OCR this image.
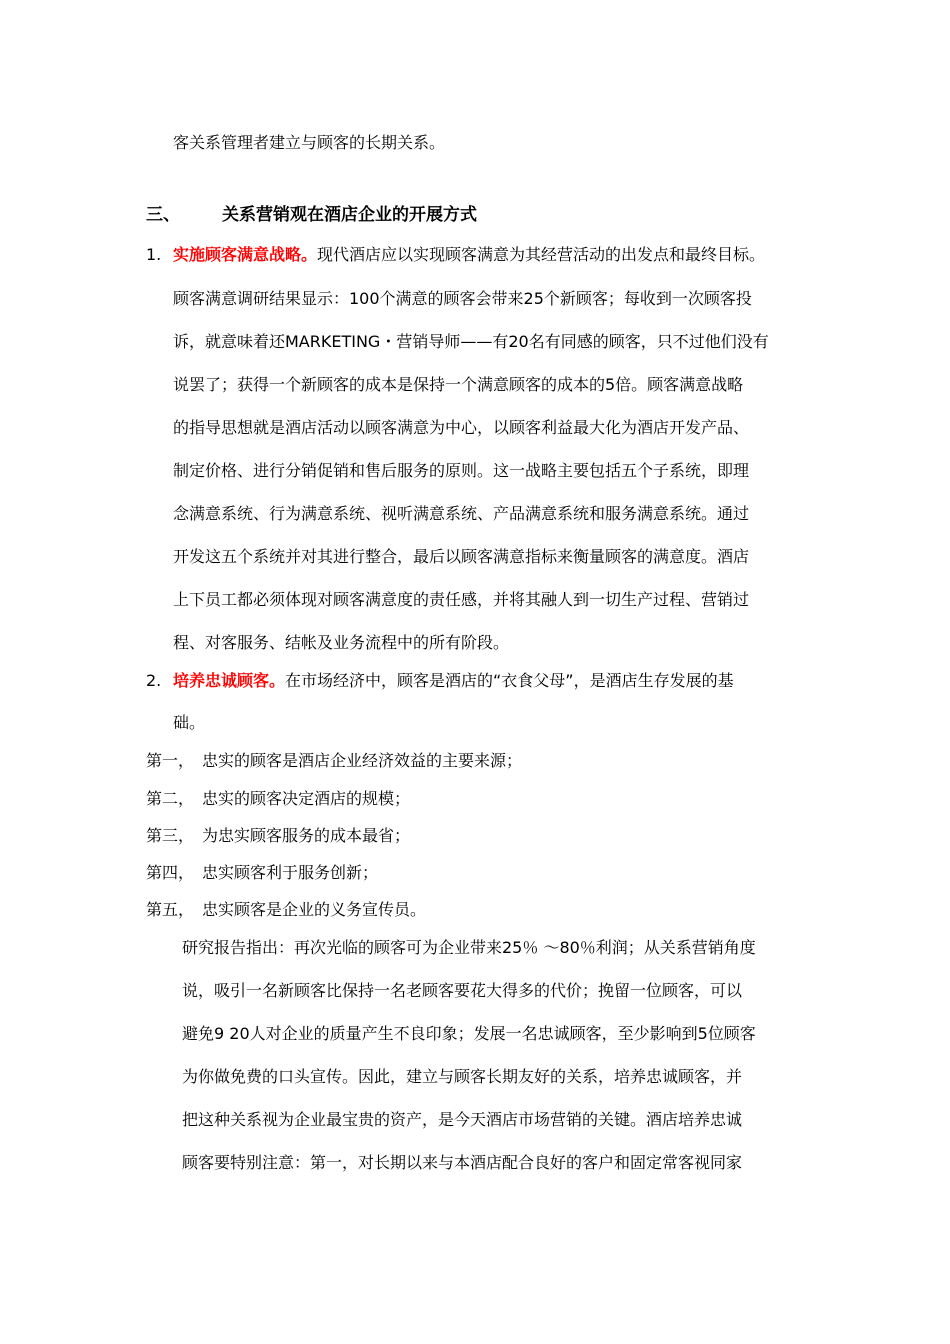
客关系管理者建立与顾客的长期关系。
三、 关系营销观在酒店企业的开展方式
1. 实施顾客满意战略。现代酒店应以实现顾客满意为其经营活动的出发点和最终目标。
顾客满意调研结果显示：100个满意的顾客会带来25个新顾客；每收到一次顾客投
诉，就意味着还MARKETING・营销导师——有20名有同感的顾客，只不过他们没有
说罢了；获得一个新顾客的成本是保持一个满意顾客的成本的5倍。顾客满意战略
的指导思想就是酒店活动以顾客满意为中心，以顾客利益最大化为酒店开发产品、
制定价格、进行分销促销和售后服务的原则。这一战略主要包括五个子系统，即理
念满意系统、行为满意系统、视听满意系统、产品满意系统和服务满意系统。通过
开发这五个系统并对其进行整合，最后以顾客满意指标来衡量顾客的满意度。酒店
上下员工都必须体现对顾客满意度的责任感，并将其融人到一切生产过程、营销过
程、对客服务、结帐及业务流程中的所有阶段。
2. 培养忠诚顾客。在市场经济中，顾客是酒店的“衣食父母”，是酒店生存发展的基
础。
第一， 忠实的顾客是酒店企业经济效益的主要来源；
第二， 忠实的顾客决定酒店的规模；
第三， 为忠实顾客服务的成本最省；
第四， 忠实顾客利于服务创新；
第五， 忠实顾客是企业的义务宣传员。
研究报告指出：再次光临的顾客可为企业带来25％ ～80％利润；从关系营销角度
说，吸引一名新顾客比保持一名老顾客要花大得多的代价；挽留一位顾客，可以
避免9 20人对企业的质量产生不良印象；发展一名忠诚顾客，至少影响到5位顾客
为你做免费的口头宣传。因此，建立与顾客长期友好的关系，培养忠诚顾客，并
把这种关系视为企业最宝贵的资产，是今天酒店市场营销的关键。酒店培养忠诚
顾客要特别注意：第一，对长期以来与本酒店配合良好的客户和固定常客视同家
